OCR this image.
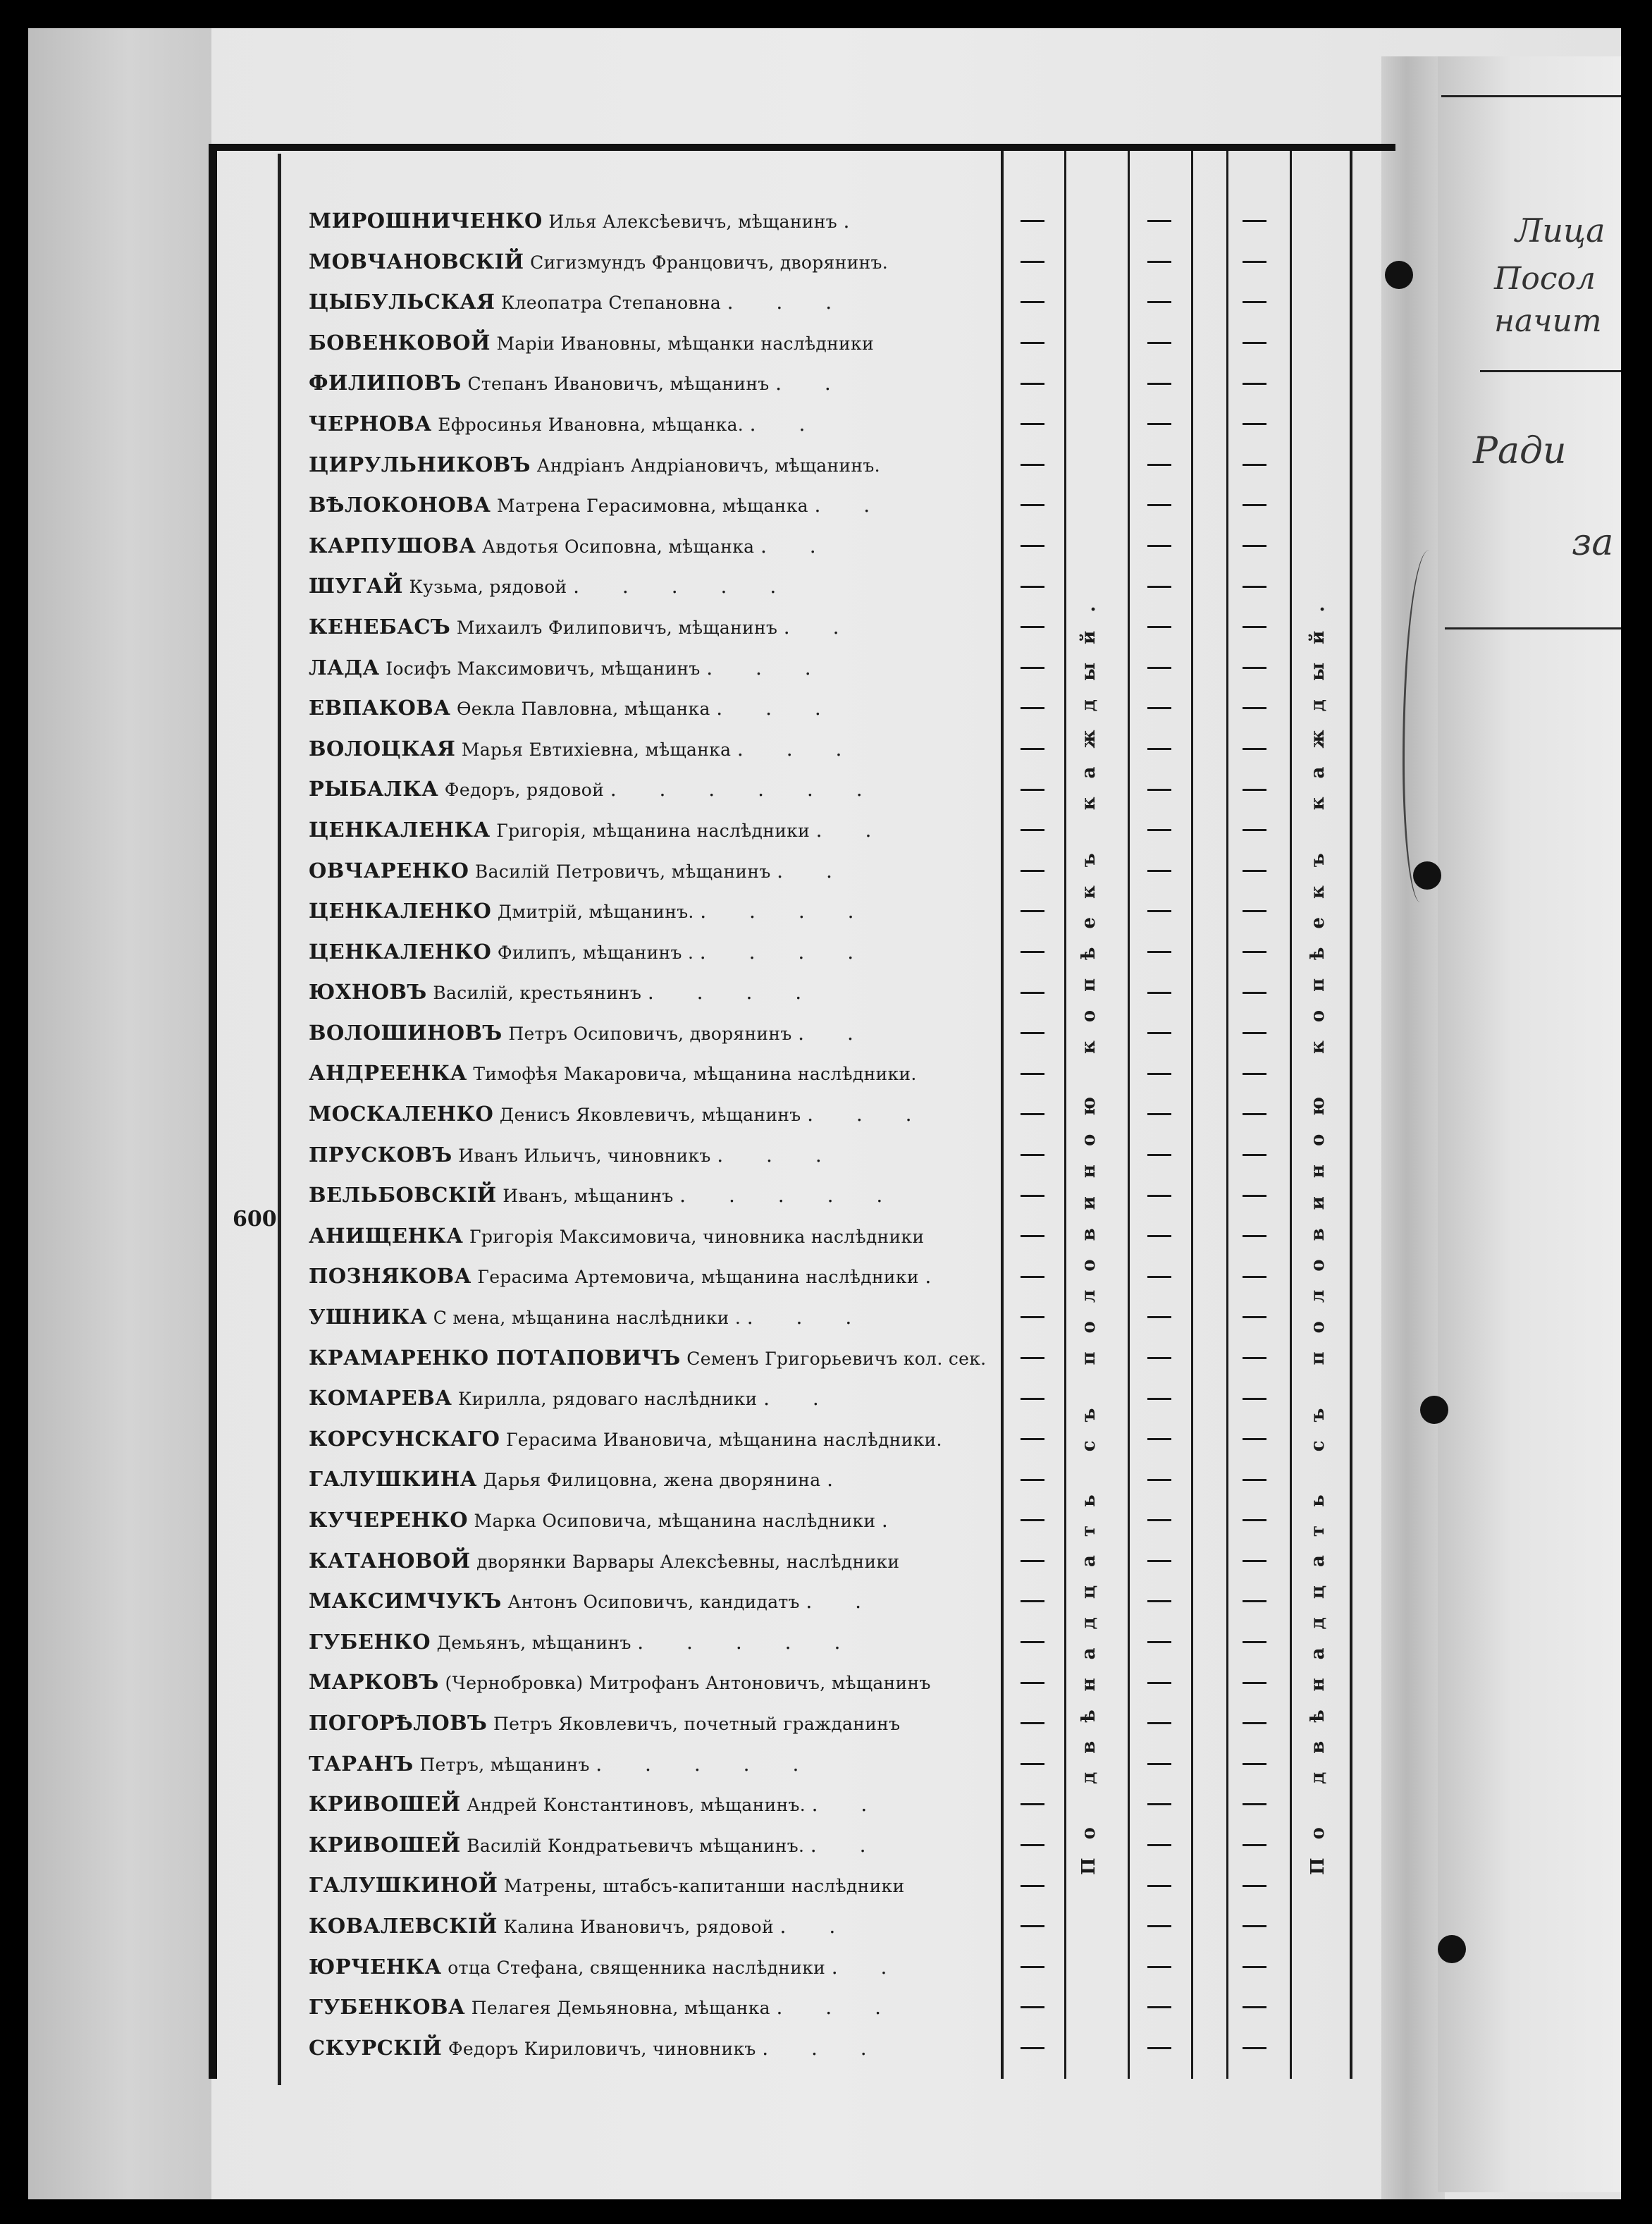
600
МИРОШНИЧЕНКО Илья Алексѣевичъ, мѣщанинъ .
МОВЧАНОВСКІЙ Сигизмундъ Францовичъ, дворянинъ.
ЦЫБУЛЬСКАЯ Клеопатра Степановна . . .
БОВЕНКОВОЙ Маріи Ивановны, мѣщанки наслѣдники
ФИЛИПОВЪ Степанъ Ивановичъ, мѣщанинъ . .
ЧЕРНОВА Ефросинья Ивановна, мѣщанка. . .
ЦИРУЛЬНИКОВЪ Андріанъ Андріановичъ, мѣщанинъ.
ВѢЛОКОНОВА Матрена Герасимовна, мѣщанка . .
КАРПУШОВА Авдотья Осиповна, мѣщанка . .
ШУГАЙ Кузьма, рядовой . . . . .
КЕНЕБАСЪ Михаилъ Филиповичъ, мѣщанинъ . .
ЛАДА Іосифъ Максимовичъ, мѣщанинъ . . .
ЕВПАКОВА Ѳекла Павловна, мѣщанка . . .
ВОЛОЦКАЯ Марья Евтихіевна, мѣщанка . . .
РЫБАЛКА Федоръ, рядовой . . . . . .
ЦЕНКАЛЕНКА Григорія, мѣщанина наслѣдники . .
ОВЧАРЕНКО Василій Петровичъ, мѣщанинъ . .
ЦЕНКАЛЕНКО Дмитрій, мѣщанинъ. . . . .
ЦЕНКАЛЕНКО Филипъ, мѣщанинъ . . . . .
ЮХНОВЪ Василій, крестьянинъ . . . .
ВОЛОШИНОВЪ Петръ Осиповичъ, дворянинъ . .
АНДРЕЕНКА Тимофѣя Макаровича, мѣщанина наслѣдники.
МОСКАЛЕНКО Денисъ Яковлевичъ, мѣщанинъ . . .
ПРУСКОВЪ Иванъ Ильичъ, чиновникъ . . .
ВЕЛЬБОВСКІЙ Иванъ, мѣщанинъ . . . . .
АНИЩЕНКА Григорія Максимовича, чиновника наслѣдники
ПОЗНЯКОВА Герасима Артемовича, мѣщанина наслѣдники .
УШНИКА С мена, мѣщанина наслѣдники . . . .
КРАМАРЕНКО ПОТАПОВИЧЪ Семенъ Григорьевичъ кол. сек.
КОМАРЕВА Кирилла, рядоваго наслѣдники . .
КОРСУНСКАГО Герасима Ивановича, мѣщанина наслѣдники.
ГАЛУШКИНА Дарья Филицовна, жена дворянина .
КУЧЕРЕНКО Марка Осиповича, мѣщанина наслѣдники .
КАТАНОВОЙ дворянки Варвары Алексѣевны, наслѣдники
МАКСИМЧУКЪ Антонъ Осиповичъ, кандидатъ . .
ГУБЕНКО Демьянъ, мѣщанинъ . . . . .
МАРКОВЪ (Чернобровка) Митрофанъ Антоновичъ, мѣщанинъ
ПОГОРѢЛОВЪ Петръ Яковлевичъ, почетный гражданинъ
ТАРАНЪ Петръ, мѣщанинъ . . . . .
КРИВОШЕЙ Андрей Константиновъ, мѣщанинъ. . .
КРИВОШЕЙ Василій Кондратьевичъ мѣщанинъ. . .
ГАЛУШКИНОЙ Матрены, штабсъ-капитанши наслѣдники
КОВАЛЕВСКІЙ Калина Ивановичъ, рядовой . .
ЮРЧЕНКА отца Стефана, священника наслѣдники . .
ГУБЕНКОВА Пелагея Демьяновна, мѣщанка . . .
СКУРСКІЙ Федоръ Кириловичъ, чиновникъ . . .
По двѣнадцать съ половиною копѣекъ каждый.	По двѣнадцать съ половиною копѣекъ каждый.
Лица
Посол
начит
Ради
за
